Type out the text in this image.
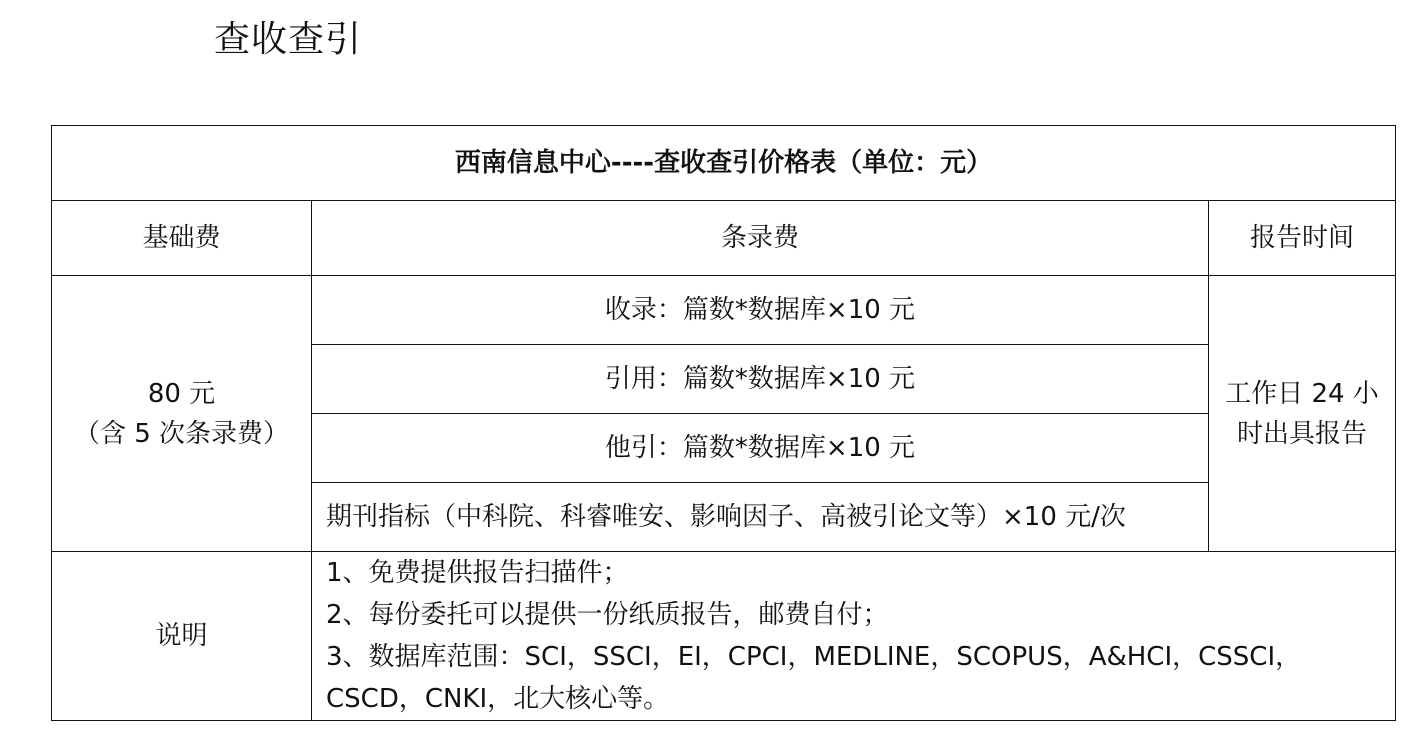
查收查引
西南信息中心----查收查引价格表（单位：元）		
基础费	条录费	报告时间

80 元
（含 5 次条录费）	收录：篇数*数据库×10 元	工作日 24 小时出具报告
	引用：篇数*数据库×10 元	
	他引：篇数*数据库×10 元	
	期刊指标（中科院、科睿唯安、影响因子、高被引论文等）×10 元/次	
说明	1、免费提供报告扫描件；
2、每份委托可以提供一份纸质报告，邮费自付；
3、数据库范围：SCI，SSCI，EI，CPCI，MEDLINE，SCOPUS，A&HCI，CSSCI，CSCD，CNKI，北大核心等。	
